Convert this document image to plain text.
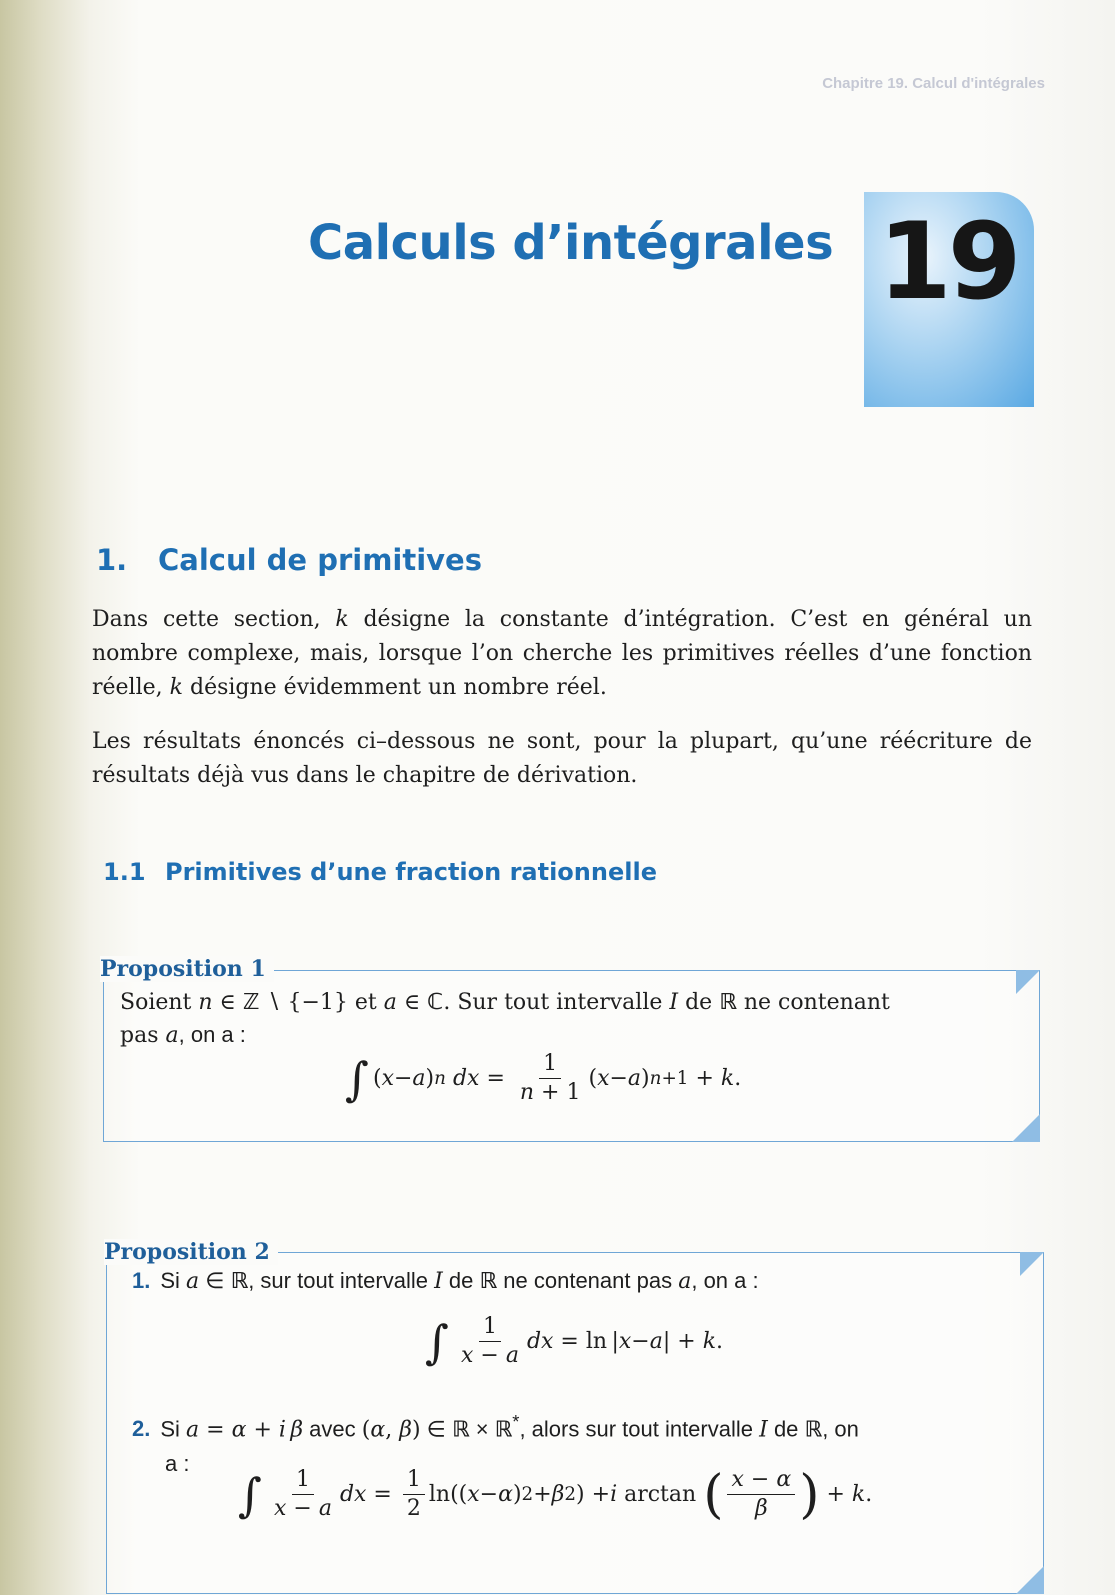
Chapitre 19. Calcul d'intégrales
19
Calculs d’intégrales
1. Calcul de primitives

Dans cette section, k désigne la constante d’intégration. C’est en général un nombre complexe, mais, lorsque l’on cherche les primitives réelles d’une fonction réelle, k désigne évidemment un nombre réel.

Les résultats énoncés ci–dessous ne sont, pour la plupart, qu’une réécriture de résultats déjà vus dans le chapitre de dérivation.

1.1 Primitives d’une fraction rationnelle
Proposition 1

Soient n ∈ ℤ ∖ {−1} et a ∈ ℂ. Sur tout intervalle I de ℝ ne contenant
pas a, on a :

∫ ( x − a ) n
dx = $\frac{1}{n + 1}$ ( x − a ) n+1 + k .
Proposition 2

1. Si a ∈ ℝ, sur tout intervalle I de ℝ ne contenant pas a, on a :

∫ $\frac{1}{x - a}$ dx = ln | x − a | + k .

2. Si a = α + i  β avec (α, β) ∈ ℝ × ℝ*, alors sur tout intervalle I de ℝ, on
a :

∫ $\frac{1}{x - a}$ dx = $\frac{1}{2} \ln$(( x − α ) 2 + β 2 ) + i arctan ( $\frac{x - \alpha}{\beta}$ ) + k .
